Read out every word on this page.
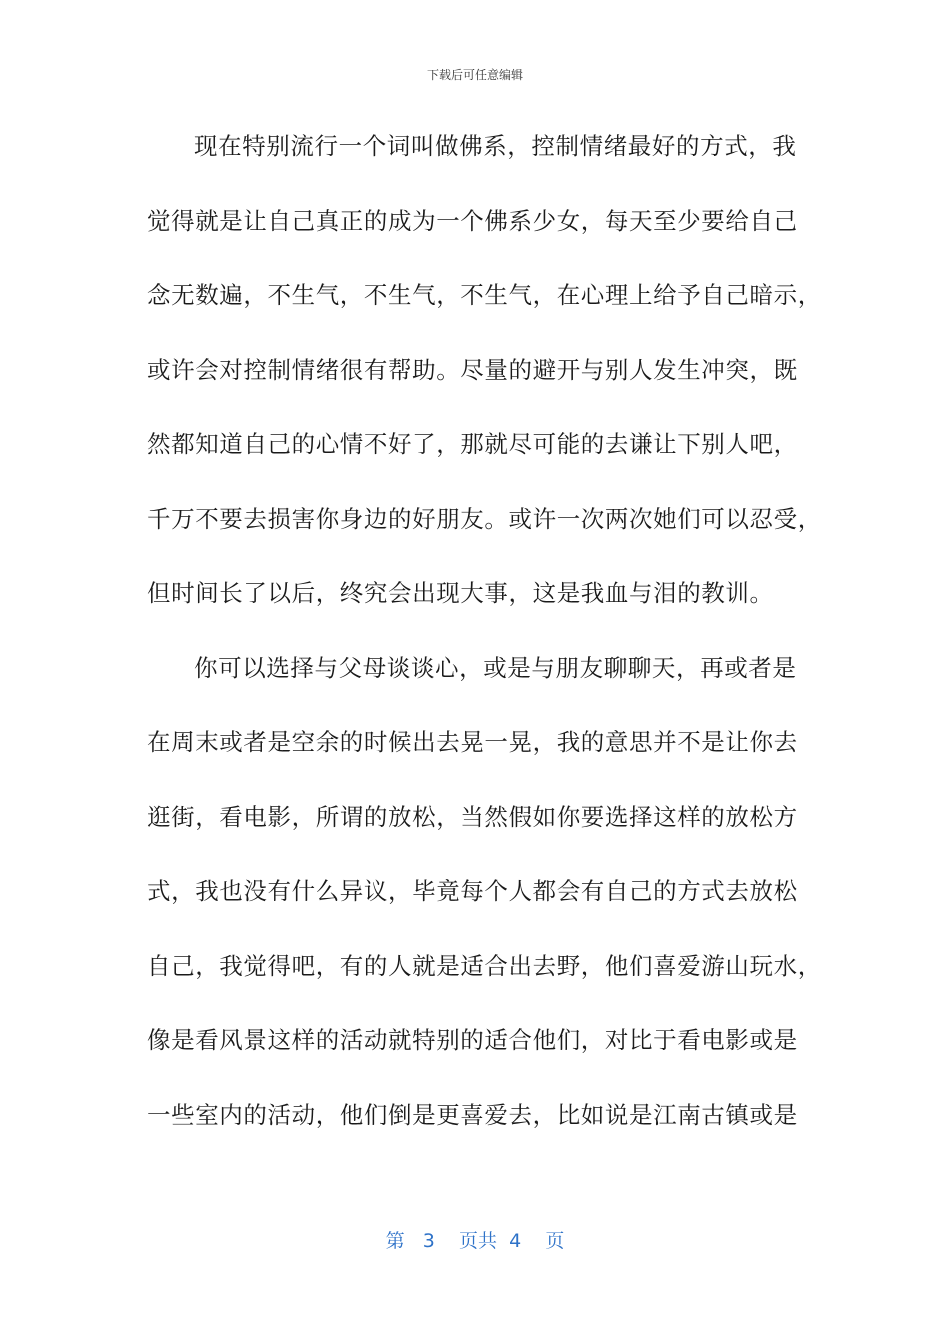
下载后可任意编辑
现在特别流行一个词叫做佛系，控制情绪最好的方式，我
觉得就是让自己真正的成为一个佛系少女，每天至少要给自己
念无数遍，不生气，不生气，不生气，在心理上给予自己暗示，
或许会对控制情绪很有帮助。尽量的避开与别人发生冲突，既
然都知道自己的心情不好了，那就尽可能的去谦让下别人吧，
千万不要去损害你身边的好朋友。或许一次两次她们可以忍受，
但时间长了以后，终究会出现大事，这是我血与泪的教训。
你可以选择与父母谈谈心，或是与朋友聊聊天，再或者是
在周末或者是空余的时候出去晃一晃，我的意思并不是让你去
逛街，看电影，所谓的放松，当然假如你要选择这样的放松方
式，我也没有什么异议，毕竟每个人都会有自己的方式去放松
自己，我觉得吧，有的人就是适合出去野，他们喜爱游山玩水，
像是看风景这样的活动就特别的适合他们，对比于看电影或是
一些室内的活动，他们倒是更喜爱去，比如说是江南古镇或是
第 3 页共 4 页
